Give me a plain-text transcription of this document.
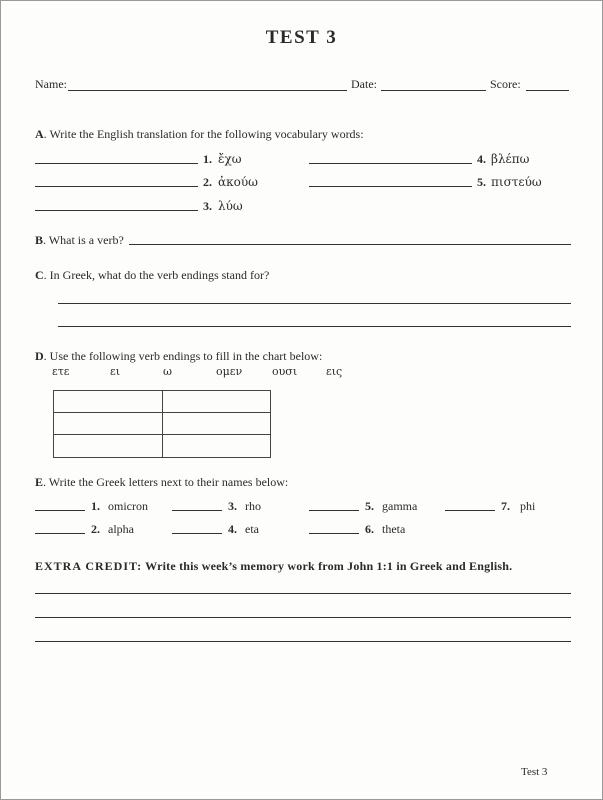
TEST 3
Name:	Date:	Score:
A. Write the English translation for the following vocabulary words:
1. ἔχω
2. ἀκούω
3. λύω
4. βλέπω
5. πιστεύω
B. What is a verb?
C. In Greek, what do the verb endings stand for?
D. Use the following verb endings to fill in the chart below:
ετε	ει	ω	ομεν	ουσι	εις
E. Write the Greek letters next to their names below:
1. omicron
2. alpha
3. rho
4. eta
5. gamma
6. theta
7. phi
EXTRA CREDIT: Write this week’s memory work from John 1:1 in Greek and English.
Test 3
